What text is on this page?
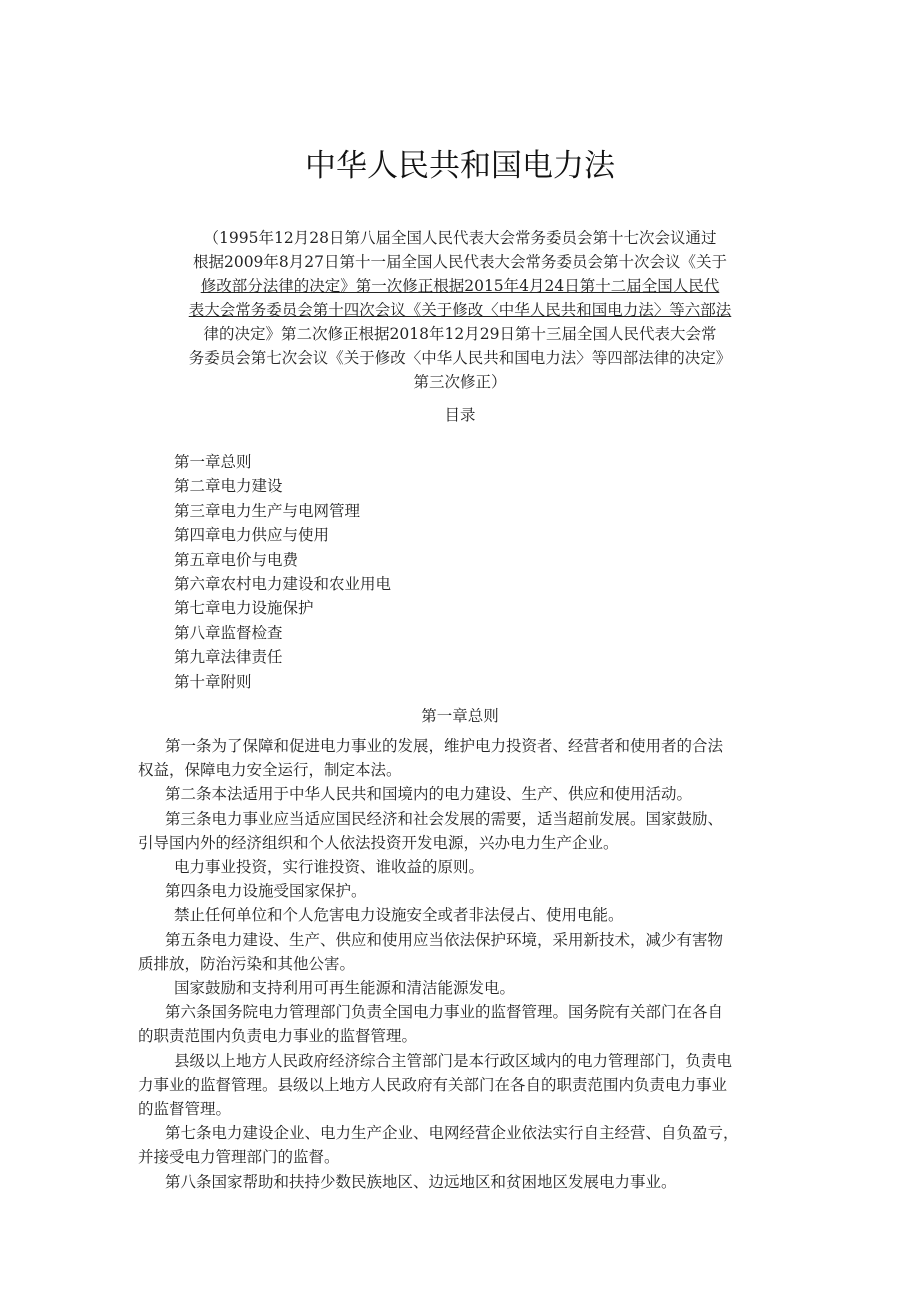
中华人民共和国电力法
（1995年12月28日第八届全国人民代表大会常务委员会第十七次会议通过
根据2009年8月27日第十一届全国人民代表大会常务委员会第十次会议《关于
修改部分法律的决定》第一次修正根据2015年4月24日第十二届全国人民代
表大会常务委员会第十四次会议《关于修改〈中华人民共和国电力法〉等六部法
律的决定》第二次修正根据2018年12月29日第十三届全国人民代表大会常
务委员会第七次会议《关于修改〈中华人民共和国电力法〉等四部法律的决定》
第三次修正）
目录
第一章总则
第二章电力建设
第三章电力生产与电网管理
第四章电力供应与使用
第五章电价与电费
第六章农村电力建设和农业用电
第七章电力设施保护
第八章监督检查
第九章法律责任
第十章附则
第一章总则
第一条为了保障和促进电力事业的发展，维护电力投资者、经营者和使用者的合法
权益，保障电力安全运行，制定本法。
第二条本法适用于中华人民共和国境内的电力建设、生产、供应和使用活动。
第三条电力事业应当适应国民经济和社会发展的需要，适当超前发展。国家鼓励、
引导国内外的经济组织和个人依法投资开发电源，兴办电力生产企业。
电力事业投资，实行谁投资、谁收益的原则。
第四条电力设施受国家保护。
禁止任何单位和个人危害电力设施安全或者非法侵占、使用电能。
第五条电力建设、生产、供应和使用应当依法保护环境，采用新技术，减少有害物
质排放，防治污染和其他公害。
国家鼓励和支持利用可再生能源和清洁能源发电。
第六条国务院电力管理部门负责全国电力事业的监督管理。国务院有关部门在各自
的职责范围内负责电力事业的监督管理。
县级以上地方人民政府经济综合主管部门是本行政区域内的电力管理部门，负责电
力事业的监督管理。县级以上地方人民政府有关部门在各自的职责范围内负责电力事业
的监督管理。
第七条电力建设企业、电力生产企业、电网经营企业依法实行自主经营、自负盈亏，
并接受电力管理部门的监督。
第八条国家帮助和扶持少数民族地区、边远地区和贫困地区发展电力事业。
